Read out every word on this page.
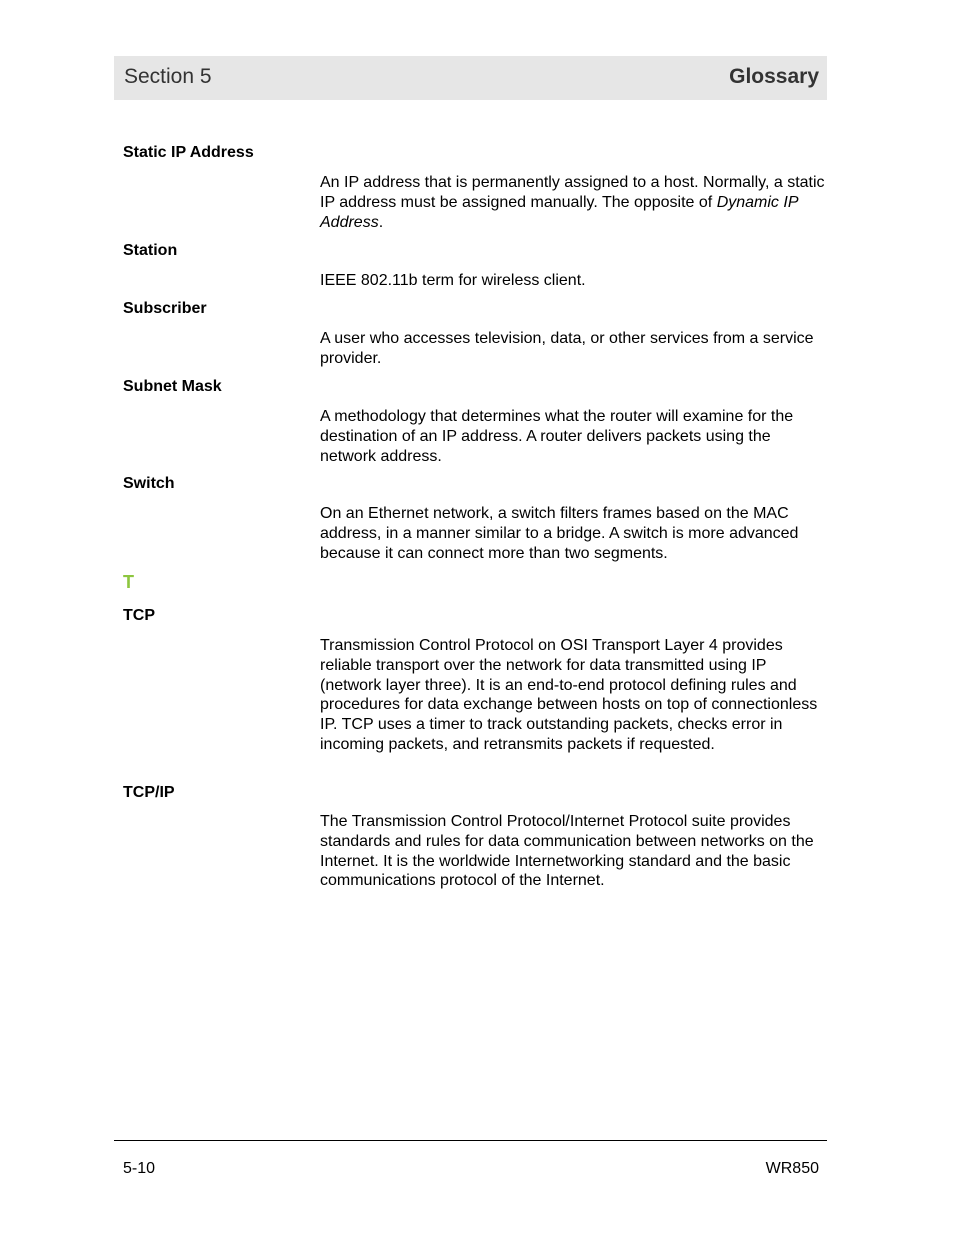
Section 5	Glossary
Static IP Address
An IP address that is permanently assigned to a host. Normally, a static IP address must be assigned manually. The opposite of Dynamic IP Address.
Station
IEEE 802.11b term for wireless client.
Subscriber
A user who accesses television, data, or other services from a service provider.
Subnet Mask
A methodology that determines what the router will examine for the destination of an IP address. A router delivers packets using the network address.
Switch
On an Ethernet network, a switch filters frames based on the MAC address, in a manner similar to a bridge. A switch is more advanced because it can connect more than two segments.
T
TCP
Transmission Control Protocol on OSI Transport Layer 4 provides reliable transport over the network for data transmitted using IP (network layer three). It is an end-to-end protocol defining rules and procedures for data exchange between hosts on top of connectionless IP. TCP uses a timer to track outstanding packets, checks error in incoming packets, and retransmits packets if requested.
TCP/IP
The Transmission Control Protocol/Internet Protocol suite provides standards and rules for data communication between networks on the Internet. It is the worldwide Internetworking standard and the basic communications protocol of the Internet.
5-10	WR850
